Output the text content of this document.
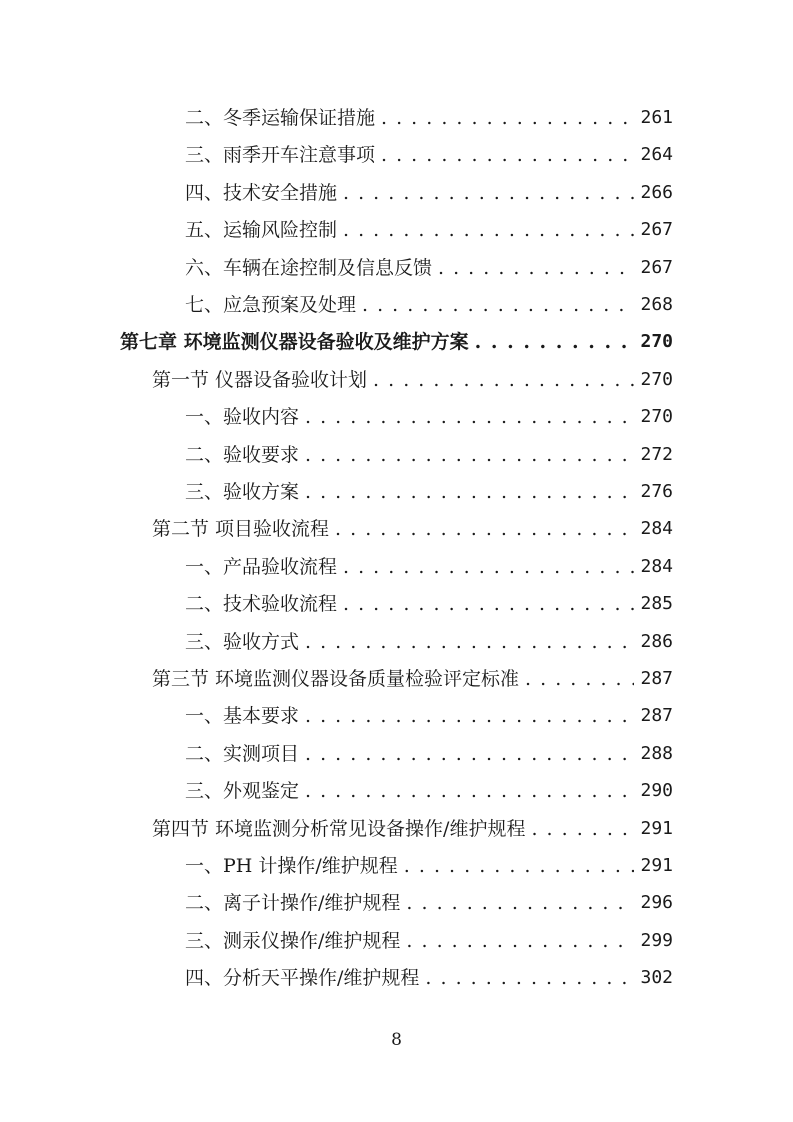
二、冬季运输保证措施 . . .	261
三、雨季开车注意事项 . . .	264
四、技术安全措施 . . .	266
五、运输风险控制 . . .	267
六、车辆在途控制及信息反馈 . . .	267
七、应急预案及处理 . . .	268
第七章 环境监测仪器设备验收及维护方案 . . .	270
第一节 仪器设备验收计划 . . .	270
一、验收内容 . . .	270
二、验收要求 . . .	272
三、验收方案 . . .	276
第二节 项目验收流程 . . .	284
一、产品验收流程 . . .	284
二、技术验收流程 . . .	285
三、验收方式 . . .	286
第三节 环境监测仪器设备质量检验评定标准 . . .	287
一、基本要求 . . .	287
二、实测项目 . . .	288
三、外观鉴定 . . .	290
第四节 环境监测分析常见设备操作/维护规程 . . .	291
一、PH 计操作/维护规程 . . .	291
二、离子计操作/维护规程 . . .	296
三、测汞仪操作/维护规程 . . .	299
四、分析天平操作/维护规程 . . .	302
8
